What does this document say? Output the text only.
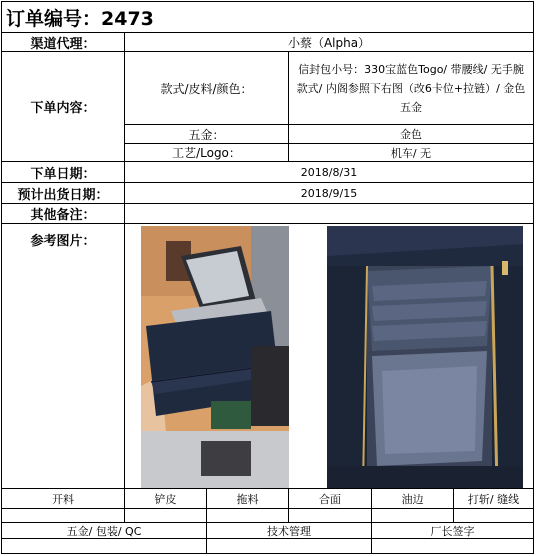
订单编号：2473
渠道代理：	小蔡（Alpha）
下单内容：
款式/皮料/颜色：
信封包小号：330宝蓝色Togo/ 带腰线/ 无手腕款式/ 内阁参照下右图（改6卡位+拉链）/ 金色五金
五金：	金色
工艺/Logo：	机车/ 无
下单日期：	2018/8/31
预计出货日期：	2018/9/15
其他备注：
参考图片：
开料	铲皮	拖料	合面	油边	打斩/ 缝线
五金/ 包装/ QC	技术管理	厂长签字
